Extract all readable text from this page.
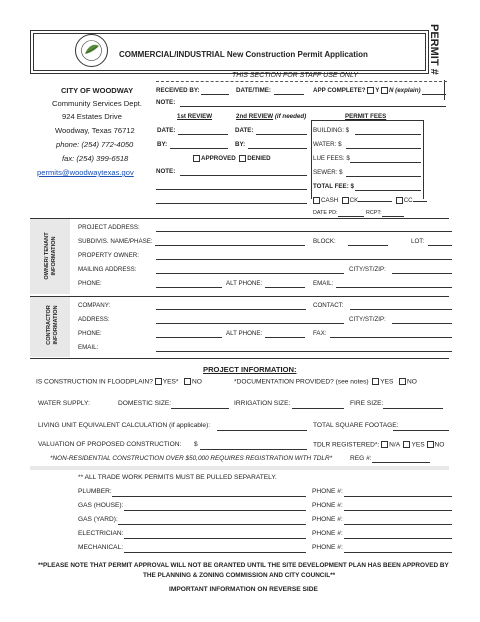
COMMERCIAL/INDUSTRIAL New Construction Permit Application	PERMIT #
THIS SECTION FOR STAFF USE ONLY
CITY OF WOODWAY
Community Services Dept.
924 Estates Drive
Woodway, Texas 76712
phone: (254) 772-4050
fax: (254) 399-6518
permits@woodwaytexas.gov
RECEIVED BY:	DATE/TIME:	APP COMPLETE? Y N (explain)
NOTE:
1st REVIEW	2nd REVIEW (if needed)	PERMIT FEES
DATE:	DATE:	BUILDING: $
BY:	BY:	WATER: $
APPROVED DENIED	LUE FEES: $
NOTE:	SEWER: $
TOTAL FEE: $
CASH CK	CC
DATE PD:	RCPT:
OWNER/ TENANT INFORMATION
PROJECT ADDRESS:
SUBDIVIS. NAME/PHASE:	BLOCK:	LOT:
PROPERTY OWNER:
MAILING ADDRESS:	CITY/ST/ZIP:
PHONE:	ALT PHONE:	EMAIL:
CONTRACTOR INFORMATION	COMPANY:	CONTACT:
ADDRESS:	CITY/ST/ZIP:
PHONE:	ALT PHONE:	FAX:
EMAIL:
PROJECT INFORMATION:
IS CONSTRUCTION IN FLOODPLAIN? YES* NO	*DOCUMENTATION PROVIDED? (see notes) YES NO
WATER SUPPLY:	DOMESTIC SIZE:	IRRIGATION SIZE:	FIRE SIZE:
LIVING UNIT EQUIVALENT CALCULATION (if applicable):	TOTAL SQUARE FOOTAGE:
VALUATION OF PROPOSED CONSTRUCTION: $	TDLR REGISTERED*: N/A YES NO
*NON-RESIDENTIAL CONSTRUCTION OVER $50,000 REQUIRES REGISTRATION WITH TDLR*	REG #:
** ALL TRADE WORK PERMITS MUST BE PULLED SEPARATELY.
PLUMBER:	PHONE #:
GAS (HOUSE):	PHONE #:
GAS (YARD):	PHONE #:
ELECTRICIAN:	PHONE #:
MECHANICAL:	PHONE #:
**PLEASE NOTE THAT PERMIT APPROVAL WILL NOT BE GRANTED UNTIL THE SITE DEVELOPMENT PLAN HAS BEEN APPROVED BY
THE PLANNING & ZONING COMMISSION AND CITY COUNCIL**
IMPORTANT INFORMATION ON REVERSE SIDE
